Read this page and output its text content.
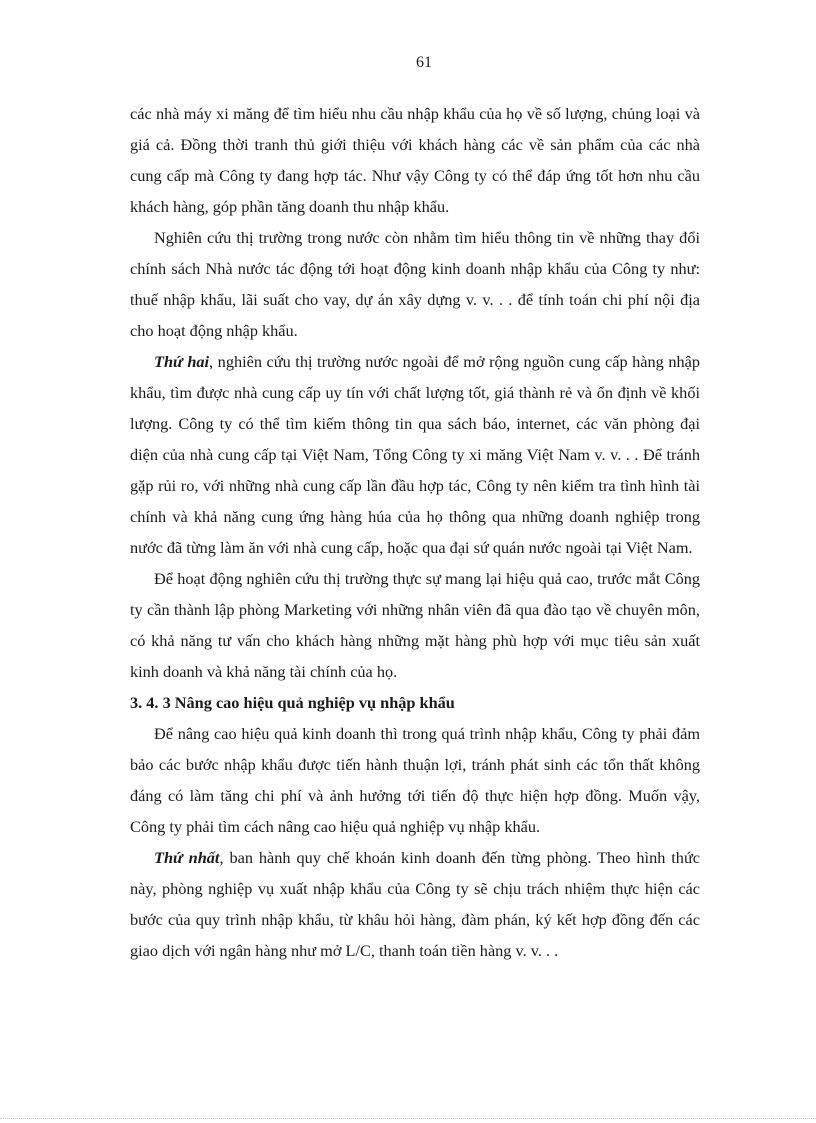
61

các nhà máy xi măng để tìm hiểu nhu cầu nhập khẩu của họ về số lượng, chủng loại và giá cả. Đồng thời tranh thủ giới thiệu với khách hàng các về sản phẩm của các nhà cung cấp mà Công ty đang hợp tác. Như vậy Công ty có thể đáp ứng tốt hơn nhu cầu khách hàng, góp phần tăng doanh thu nhập khẩu.

Nghiên cứu thị trường trong nước còn nhằm tìm hiểu thông tin về những thay đổi chính sách Nhà nước tác động tới hoạt động kinh doanh nhập khẩu của Công ty như: thuế nhập khẩu, lãi suất cho vay, dự án xây dựng v. v. . . để tính toán chi phí nội địa cho hoạt động nhập khẩu.

Thứ hai, nghiên cứu thị trường nước ngoài để mở rộng nguồn cung cấp hàng nhập khẩu, tìm được nhà cung cấp uy tín với chất lượng tốt, giá thành rẻ và ổn định về khối lượng. Công ty có thể tìm kiếm thông tin qua sách báo, internet, các văn phòng đại diện của nhà cung cấp tại Việt Nam, Tổng Công ty xi măng Việt Nam v. v. . . Để tránh gặp rủi ro, với những nhà cung cấp lần đầu hợp tác, Công ty nên kiểm tra tình hình tài chính và khả năng cung ứng hàng húa của họ thông qua những doanh nghiệp trong nước đã từng làm ăn với nhà cung cấp, hoặc qua đại sứ quán nước ngoài tại Việt Nam.

Để hoạt động nghiên cứu thị trường thực sự mang lại hiệu quả cao, trước mắt Công ty cần thành lập phòng Marketing với những nhân viên đã qua đào tạo về chuyên môn, có khả năng tư vấn cho khách hàng những mặt hàng phù hợp với mục tiêu sản xuất kinh doanh và khả năng tài chính của họ.

3. 4. 3 Nâng cao hiệu quả nghiệp vụ nhập khẩu

Để nâng cao hiệu quả kinh doanh thì trong quá trình nhập khẩu, Công ty phải đảm bảo các bước nhập khẩu được tiến hành thuận lợi, tránh phát sinh các tổn thất không đáng có làm tăng chi phí và ảnh hưởng tới tiến độ thực hiện hợp đồng. Muốn vậy, Công ty phải tìm cách nâng cao hiệu quả nghiệp vụ nhập khẩu.

Thứ nhất, ban hành quy chế khoán kinh doanh đến từng phòng. Theo hình thức này, phòng nghiệp vụ xuất nhập khẩu của Công ty sẽ chịu trách nhiệm thực hiện các bước của quy trình nhập khẩu, từ khâu hỏi hàng, đàm phán, ký kết hợp đồng đến các giao dịch với ngân hàng như mở L/C, thanh toán tiền hàng v. v. . .
